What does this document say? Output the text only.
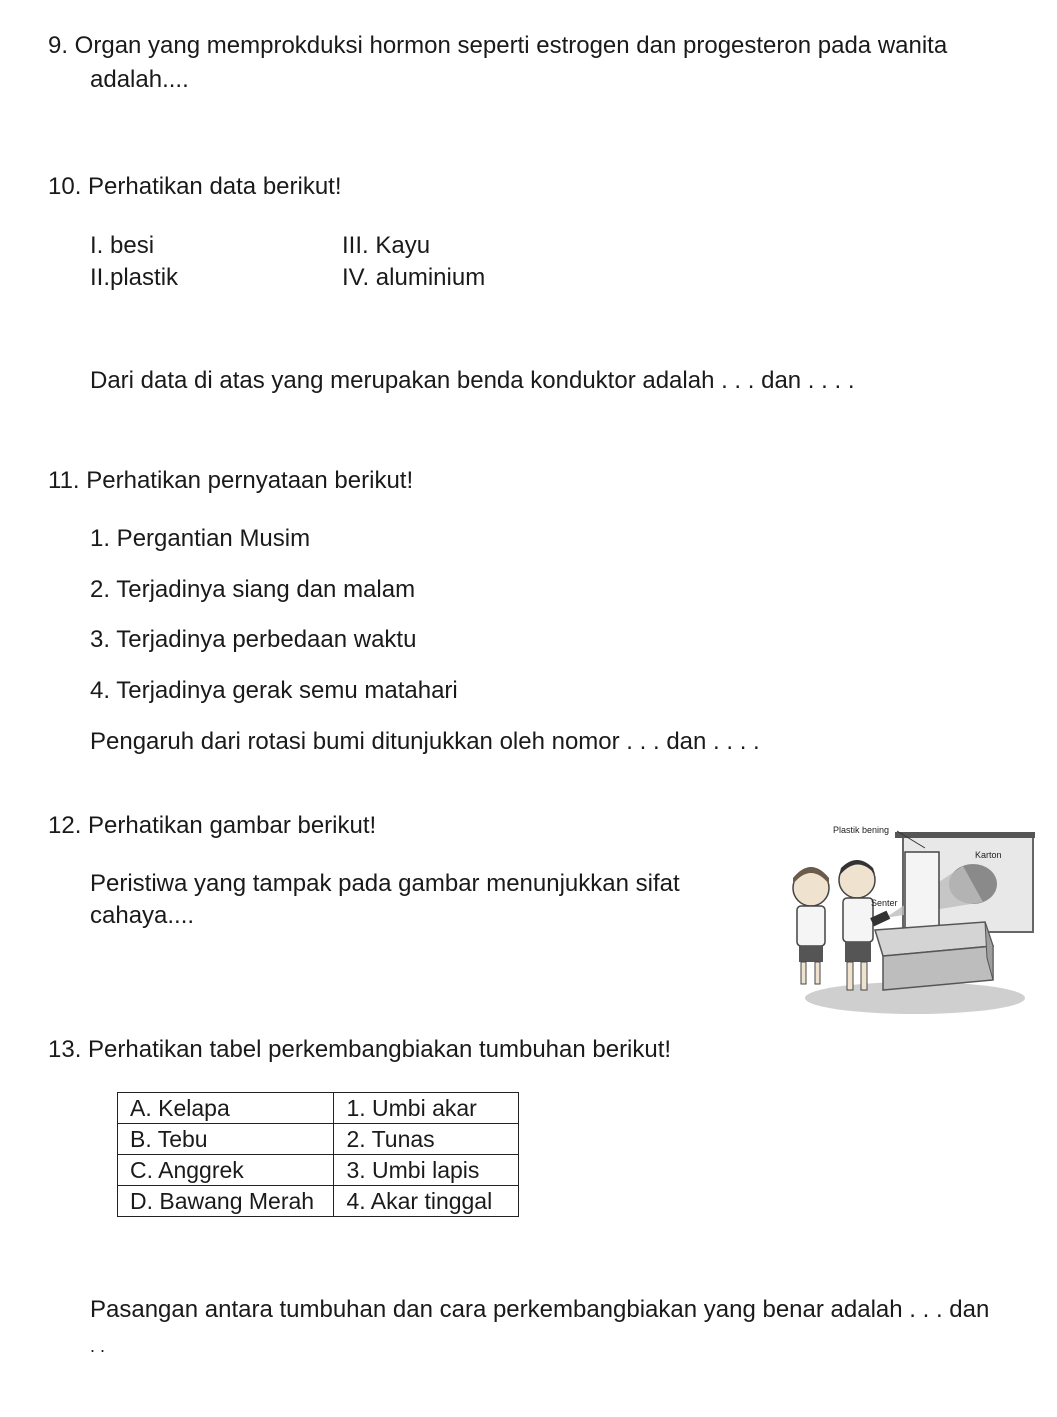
9. Organ yang memprokduksi hormon seperti estrogen dan progesteron pada wanita
adalah....
10. Perhatikan data berikut!
I. besi
II.plastik
III. Kayu
IV. aluminium
Dari data di atas yang merupakan benda konduktor adalah . . . dan . . . .
11. Perhatikan pernyataan berikut!
1. Pergantian Musim
2. Terjadinya siang dan malam
3. Terjadinya perbedaan waktu
4. Terjadinya gerak semu matahari
Pengaruh dari rotasi bumi ditunjukkan oleh nomor . . . dan . . . .
12. Perhatikan gambar berikut!
Peristiwa yang tampak pada gambar menunjukkan sifat
cahaya....
Plastik bening
Karton
Senter
13. Perhatikan tabel perkembangbiakan tumbuhan berikut!
A. Kelapa	1. Umbi akar
B. Tebu	2. Tunas
C. Anggrek	3. Umbi lapis
D. Bawang Merah	4. Akar tinggal
Pasangan antara tumbuhan dan cara perkembangbiakan yang benar adalah . . . dan
. .
